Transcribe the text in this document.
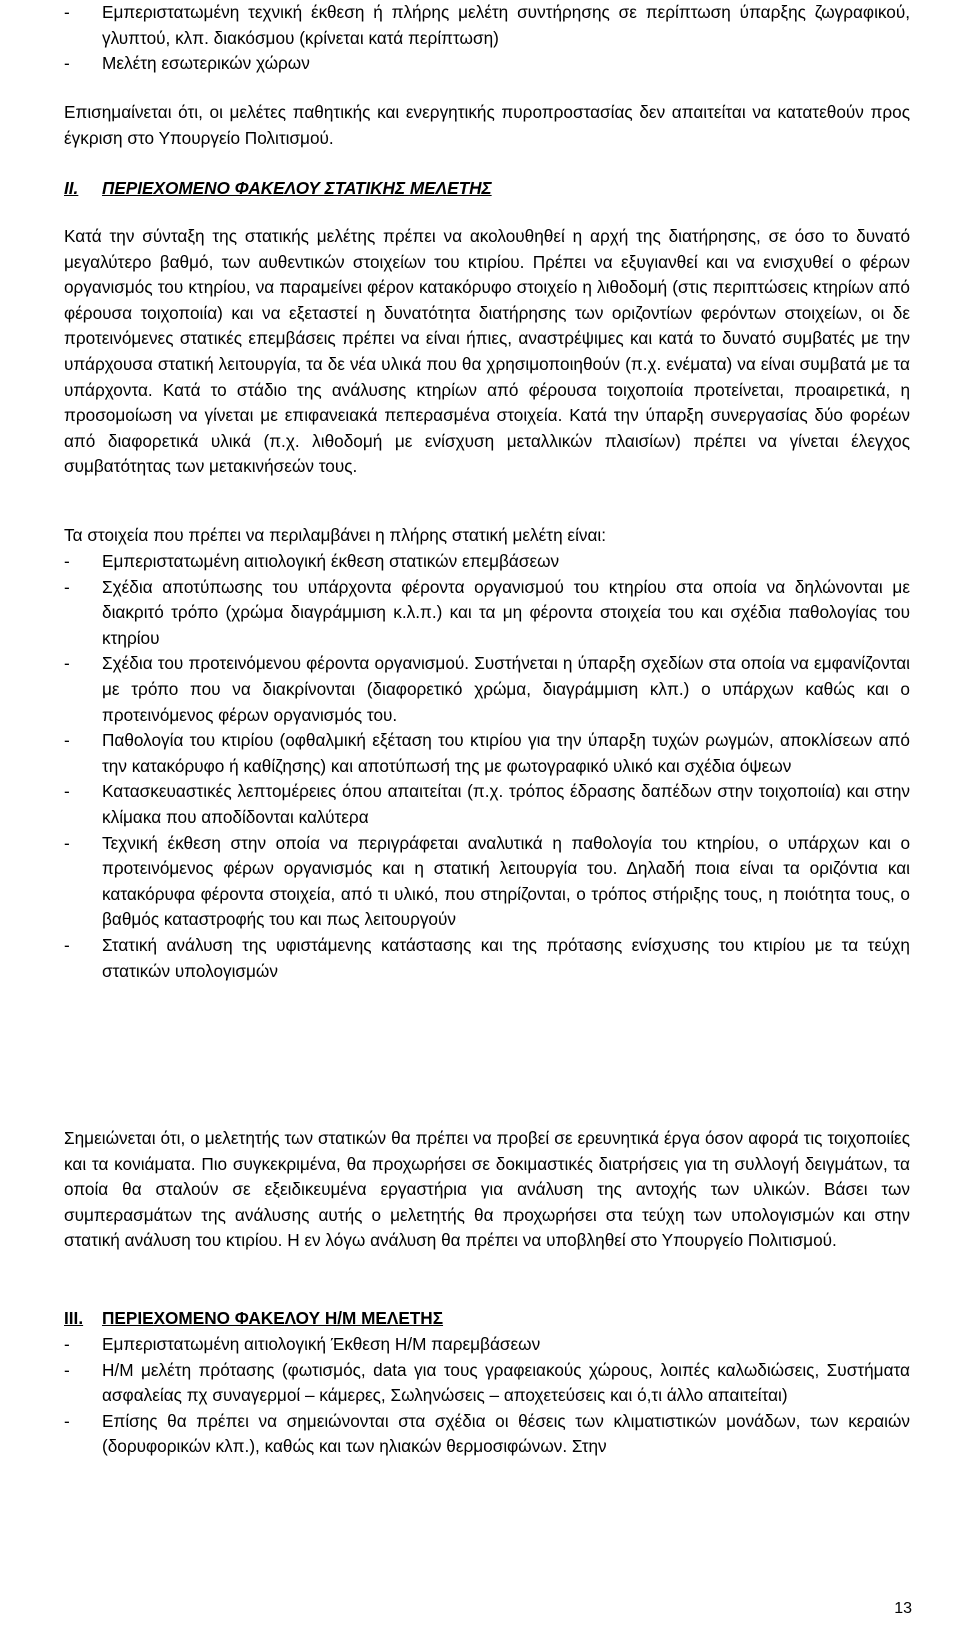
-	Εμπεριστατωμένη τεχνική έκθεση ή πλήρης μελέτη συντήρησης σε περίπτωση ύπαρξης ζωγραφικού, γλυπτού, κλπ. διακόσμου (κρίνεται κατά περίπτωση)
-	Μελέτη εσωτερικών χώρων

Επισημαίνεται ότι, οι μελέτες παθητικής και ενεργητικής πυροπροστασίας δεν απαιτείται να κατατεθούν προς έγκριση στο Υπουργείο Πολιτισμού.

II.	ΠΕΡΙΕΧΟΜΕΝΟ ΦΑΚΕΛΟΥ ΣΤΑΤΙΚΗΣ ΜΕΛΕΤΗΣ

Κατά την σύνταξη της στατικής μελέτης πρέπει να ακολουθηθεί η αρχή της διατήρησης, σε όσο το δυνατό μεγαλύτερο βαθμό, των αυθεντικών στοιχείων του κτιρίου. Πρέπει να εξυγιανθεί και να ενισχυθεί ο φέρων οργανισμός του κτηρίου, να παραμείνει φέρον κατακόρυφο στοιχείο η λιθοδομή (στις περιπτώσεις κτηρίων από φέρουσα τοιχοποιία) και να εξεταστεί η δυνατότητα διατήρησης των οριζοντίων φερόντων στοιχείων, οι δε προτεινόμενες στατικές επεμβάσεις πρέπει να είναι ήπιες, αναστρέψιμες και κατά το δυνατό συμβατές με την υπάρχουσα στατική λειτουργία, τα δε νέα υλικά που θα χρησιμοποιηθούν (π.χ. ενέματα) να είναι συμβατά με τα υπάρχοντα. Κατά το στάδιο της ανάλυσης κτηρίων από φέρουσα τοιχοποιία προτείνεται, προαιρετικά, η προσομοίωση να γίνεται με επιφανειακά πεπερασμένα στοιχεία. Κατά την ύπαρξη συνεργασίας δύο φορέων από διαφορετικά υλικά (π.χ. λιθοδομή με ενίσχυση μεταλλικών πλαισίων) πρέπει να γίνεται έλεγχος συμβατότητας των μετακινήσεών τους.

Τα στοιχεία που πρέπει να περιλαμβάνει η πλήρης στατική μελέτη είναι:

-	Εμπεριστατωμένη αιτιολογική έκθεση στατικών επεμβάσεων
-	Σχέδια αποτύπωσης του υπάρχοντα φέροντα οργανισμού του κτηρίου στα οποία να δηλώνονται με διακριτό τρόπο (χρώμα διαγράμμιση κ.λ.π.) και τα μη φέροντα στοιχεία του και σχέδια παθολογίας του κτηρίου
-	Σχέδια του προτεινόμενου φέροντα οργανισμού. Συστήνεται η ύπαρξη σχεδίων στα οποία να εμφανίζονται με τρόπο που να διακρίνονται (διαφορετικό χρώμα, διαγράμμιση κλπ.) ο υπάρχων καθώς και ο προτεινόμενος φέρων οργανισμός του.
-	Παθολογία του κτιρίου (οφθαλμική εξέταση του κτιρίου για την ύπαρξη τυχών ρωγμών, αποκλίσεων από την κατακόρυφο ή καθίζησης) και αποτύπωσή της με φωτογραφικό υλικό και σχέδια όψεων
-	Κατασκευαστικές λεπτομέρειες όπου απαιτείται (π.χ. τρόπος έδρασης δαπέδων στην τοιχοποιία) και στην κλίμακα που αποδίδονται καλύτερα
-	Τεχνική έκθεση στην οποία να περιγράφεται αναλυτικά η παθολογία του κτηρίου, ο υπάρχων και ο προτεινόμενος φέρων οργανισμός και η στατική λειτουργία του. Δηλαδή ποια είναι τα οριζόντια και κατακόρυφα φέροντα στοιχεία, από τι υλικό, που στηρίζονται, ο τρόπος στήριξης τους, η ποιότητα τους, ο βαθμός καταστροφής του και πως λειτουργούν
-	Στατική ανάλυση της υφιστάμενης κατάστασης και της πρότασης ενίσχυσης του κτιρίου με τα τεύχη στατικών υπολογισμών

Σημειώνεται ότι, ο μελετητής των στατικών θα πρέπει να προβεί σε ερευνητικά έργα όσον αφορά τις τοιχοποιίες και τα κονιάματα. Πιο συγκεκριμένα, θα προχωρήσει σε δοκιμαστικές διατρήσεις για τη συλλογή δειγμάτων, τα οποία θα σταλούν σε εξειδικευμένα εργαστήρια για ανάλυση της αντοχής των υλικών. Βάσει των συμπερασμάτων της ανάλυσης αυτής ο μελετητής θα προχωρήσει στα τεύχη των υπολογισμών και στην στατική ανάλυση του κτιρίου. Η εν λόγω ανάλυση θα πρέπει να υποβληθεί στο Υπουργείο Πολιτισμού.

III.	ΠΕΡΙΕΧΟΜΕΝΟ ΦΑΚΕΛΟΥ Η/Μ ΜΕΛΕΤΗΣ
-	Εμπεριστατωμένη αιτιολογική Έκθεση Η/Μ παρεμβάσεων
-	Η/Μ μελέτη πρότασης (φωτισμός, data για τους γραφειακούς χώρους, λοιπές καλωδιώσεις, Συστήματα ασφαλείας πχ συναγερμοί – κάμερες, Σωληνώσεις – αποχετεύσεις και ό,τι άλλο απαιτείται)
-	Επίσης θα πρέπει να σημειώνονται στα σχέδια οι θέσεις των κλιματιστικών μονάδων, των κεραιών (δορυφορικών κλπ.), καθώς και των ηλιακών θερμοσιφώνων. Στην
13
